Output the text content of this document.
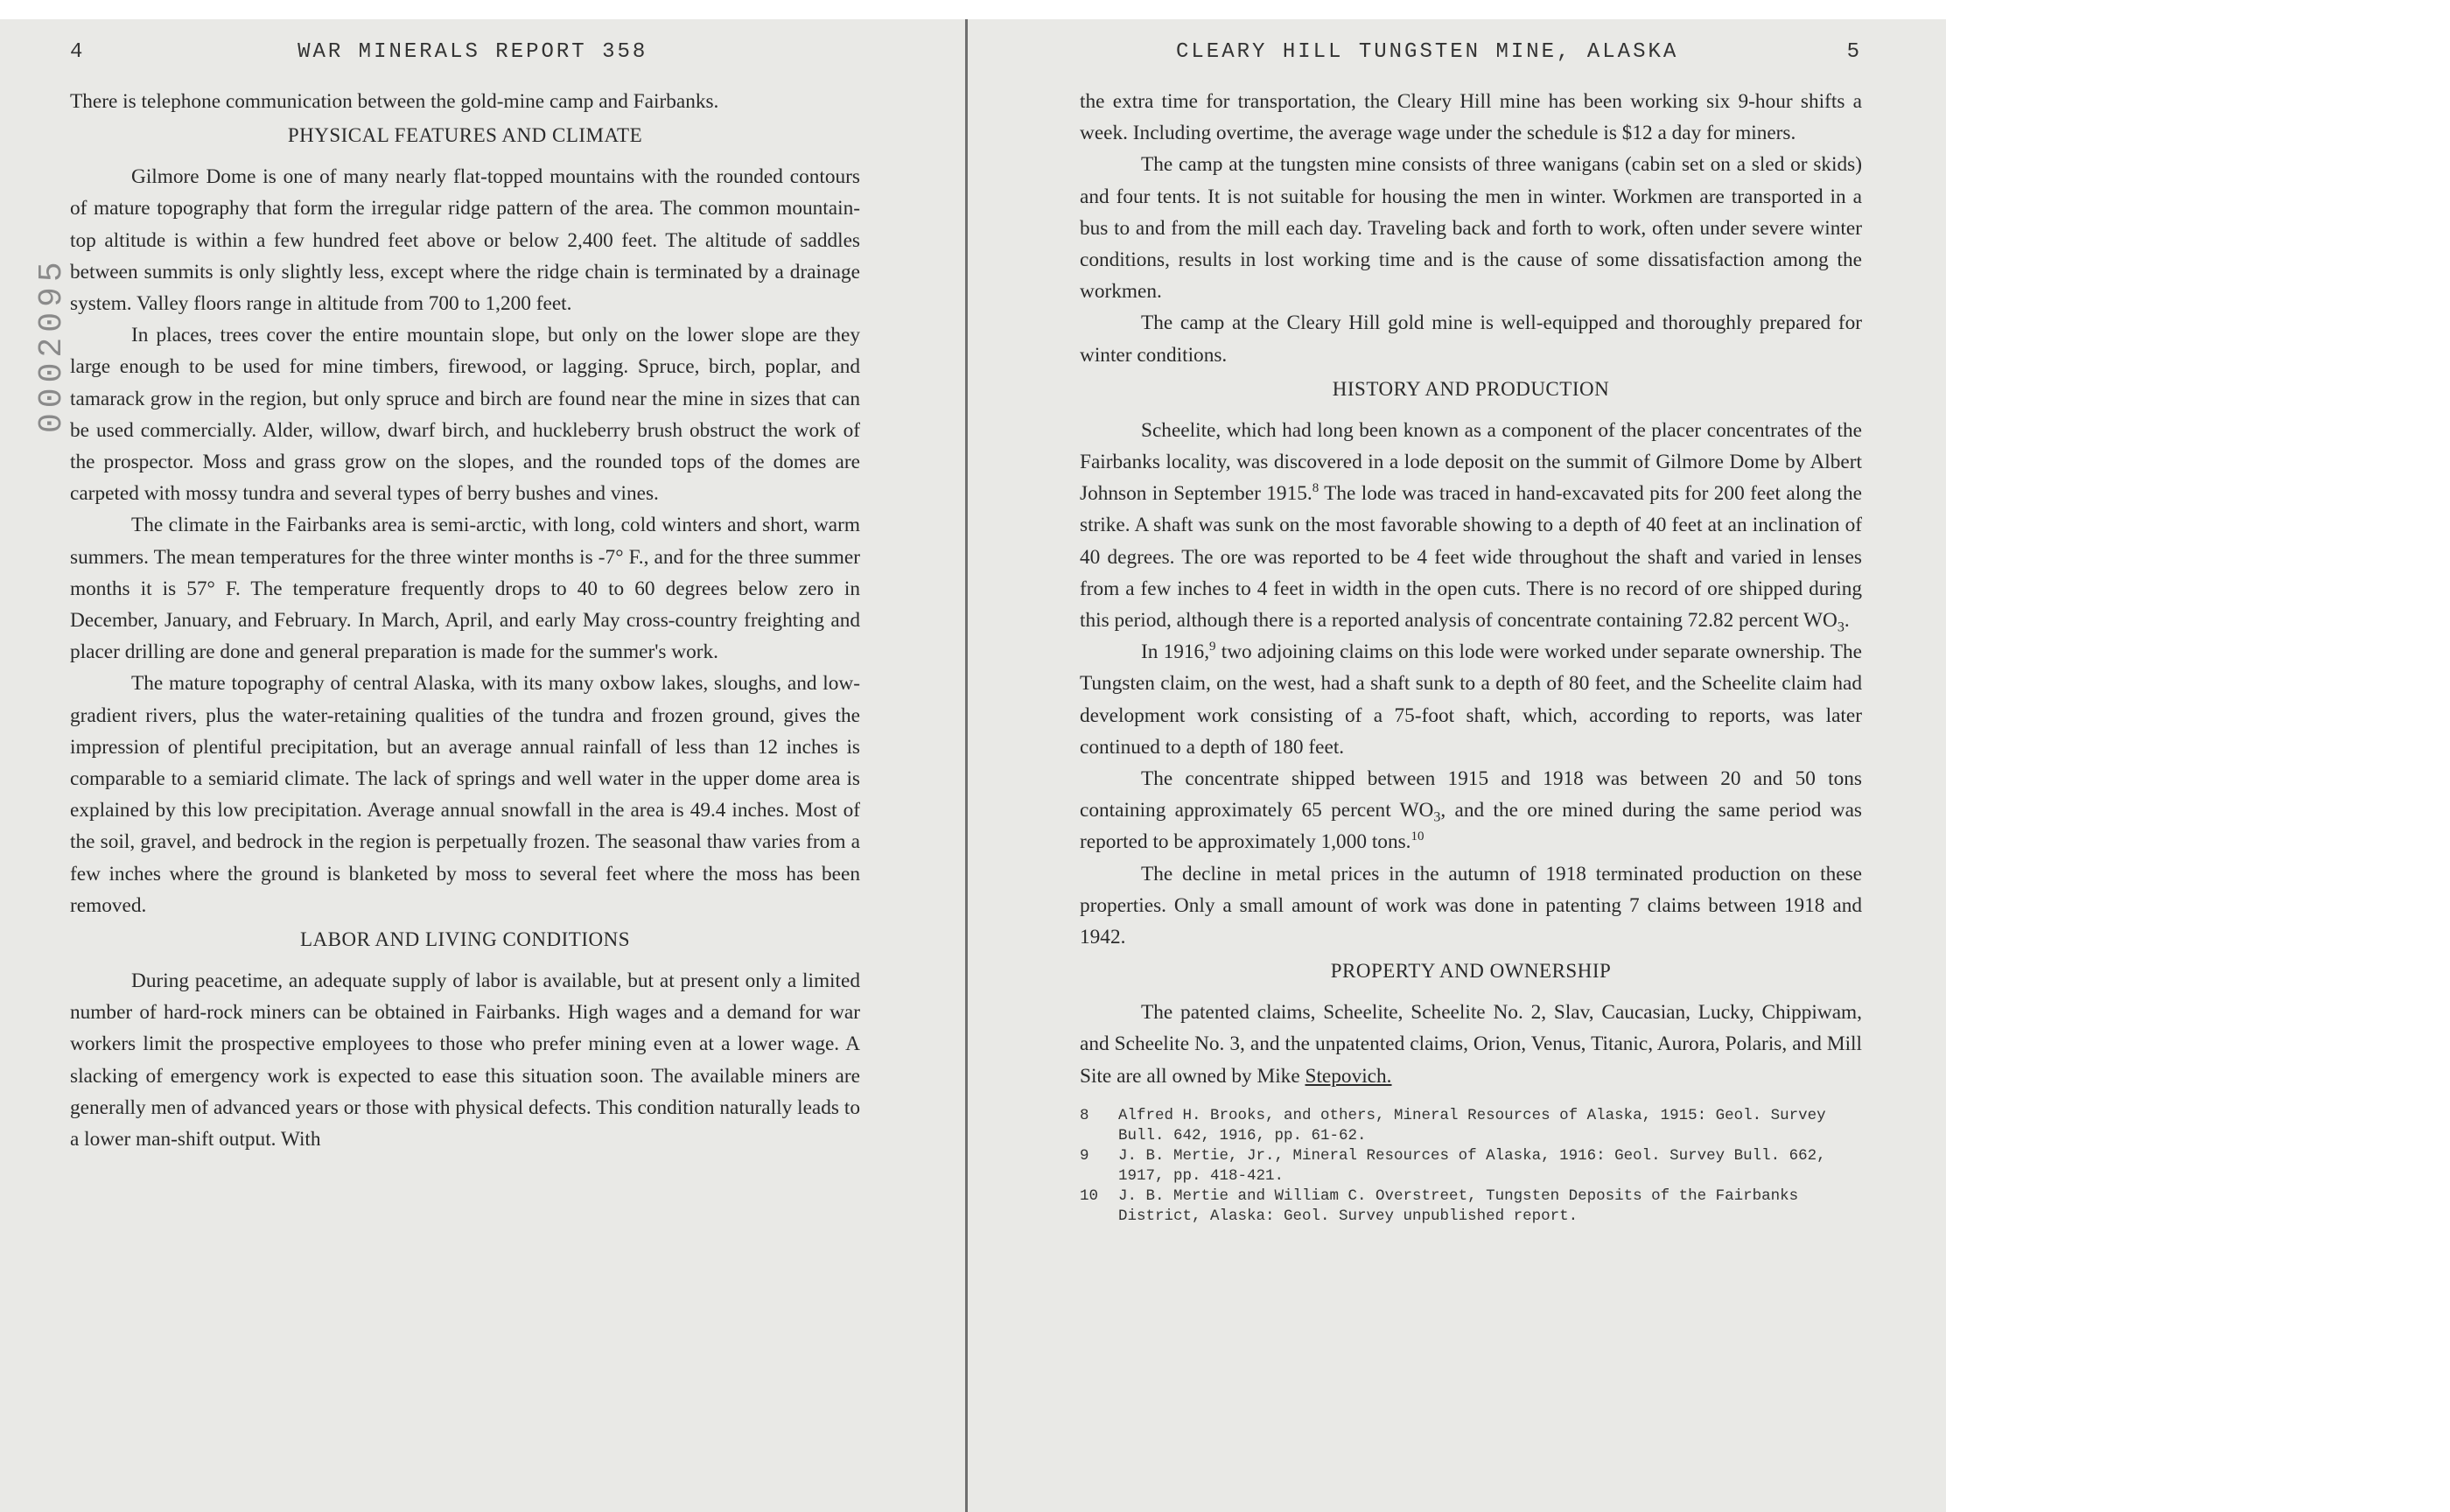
0002095
4	WAR MINERALS REPORT 358

There is telephone communication between the gold-mine camp and Fairbanks.

PHYSICAL FEATURES AND CLIMATE

Gilmore Dome is one of many nearly flat-topped mountains with the rounded contours of mature topography that form the irregular ridge pattern of the area. The common mountain-top altitude is within a few hundred feet above or below 2,400 feet. The altitude of saddles between summits is only slightly less, except where the ridge chain is terminated by a drainage system. Valley floors range in altitude from 700 to 1,200 feet.

In places, trees cover the entire mountain slope, but only on the lower slope are they large enough to be used for mine timbers, firewood, or lagging. Spruce, birch, poplar, and tamarack grow in the region, but only spruce and birch are found near the mine in sizes that can be used commercially. Alder, willow, dwarf birch, and huckleberry brush obstruct the work of the prospector. Moss and grass grow on the slopes, and the rounded tops of the domes are carpeted with mossy tundra and several types of berry bushes and vines.

The climate in the Fairbanks area is semi-arctic, with long, cold winters and short, warm summers. The mean temperatures for the three winter months is -7° F., and for the three summer months it is 57° F. The temperature frequently drops to 40 to 60 degrees below zero in December, January, and February. In March, April, and early May cross-country freighting and placer drilling are done and general preparation is made for the summer's work.

The mature topography of central Alaska, with its many oxbow lakes, sloughs, and low-gradient rivers, plus the water-retaining qualities of the tundra and frozen ground, gives the impression of plentiful precipitation, but an average annual rainfall of less than 12 inches is comparable to a semiarid climate. The lack of springs and well water in the upper dome area is explained by this low precipitation. Average annual snowfall in the area is 49.4 inches. Most of the soil, gravel, and bedrock in the region is perpetually frozen. The seasonal thaw varies from a few inches where the ground is blanketed by moss to several feet where the moss has been removed.

LABOR AND LIVING CONDITIONS

During peacetime, an adequate supply of labor is available, but at present only a limited number of hard-rock miners can be obtained in Fairbanks. High wages and a demand for war workers limit the prospective employees to those who prefer mining even at a lower wage. A slacking of emergency work is expected to ease this situation soon. The available miners are generally men of advanced years or those with physical defects. This condition naturally leads to a lower man-shift output. With

CLEARY HILL TUNGSTEN MINE, ALASKA	5

the extra time for transportation, the Cleary Hill mine has been working six 9-hour shifts a week. Including overtime, the average wage under the schedule is $12 a day for miners.

The camp at the tungsten mine consists of three wanigans (cabin set on a sled or skids) and four tents. It is not suitable for housing the men in winter. Workmen are transported in a bus to and from the mill each day. Traveling back and forth to work, often under severe winter conditions, results in lost working time and is the cause of some dissatisfaction among the workmen.

The camp at the Cleary Hill gold mine is well-equipped and thoroughly prepared for winter conditions.

HISTORY AND PRODUCTION

Scheelite, which had long been known as a component of the placer concentrates of the Fairbanks locality, was discovered in a lode deposit on the summit of Gilmore Dome by Albert Johnson in September 1915.$^8$ The lode was traced in hand-excavated pits for 200 feet along the strike. A shaft was sunk on the most favorable showing to a depth of 40 feet at an inclination of 40 degrees. The ore was reported to be 4 feet wide throughout the shaft and varied in lenses from a few inches to 4 feet in width in the open cuts. There is no record of ore shipped during this period, although there is a reported analysis of concentrate containing 72.82 percent $WO_3$.

In 1916,$^9$ two adjoining claims on this lode were worked under separate ownership. The Tungsten claim, on the west, had a shaft sunk to a depth of 80 feet, and the Scheelite claim had development work consisting of a 75-foot shaft, which, according to reports, was later continued to a depth of 180 feet.

The concentrate shipped between 1915 and 1918 was between 20 and 50 tons containing approximately 65 percent $WO_3$, and the ore mined during the same period was reported to be approximately 1,000 tons.$^{10}$

The decline in metal prices in the autumn of 1918 terminated production on these properties. Only a small amount of work was done in patenting 7 claims between 1918 and 1942.

PROPERTY AND OWNERSHIP

The patented claims, Scheelite, Scheelite No. 2, Slav, Caucasian, Lucky, Chippiwam, and Scheelite No. 3, and the unpatented claims, Orion, Venus, Titanic, Aurora, Polaris, and Mill Site are all owned by Mike Stepovich.

8	Alfred H. Brooks, and others, Mineral Resources of Alaska, 1915: Geol. Survey Bull. 642, 1916, pp. 61-62.
9	J. B. Mertie, Jr., Mineral Resources of Alaska, 1916: Geol. Survey Bull. 662, 1917, pp. 418-421.
10	J. B. Mertie and William C. Overstreet, Tungsten Deposits of the Fairbanks District, Alaska: Geol. Survey unpublished report.
